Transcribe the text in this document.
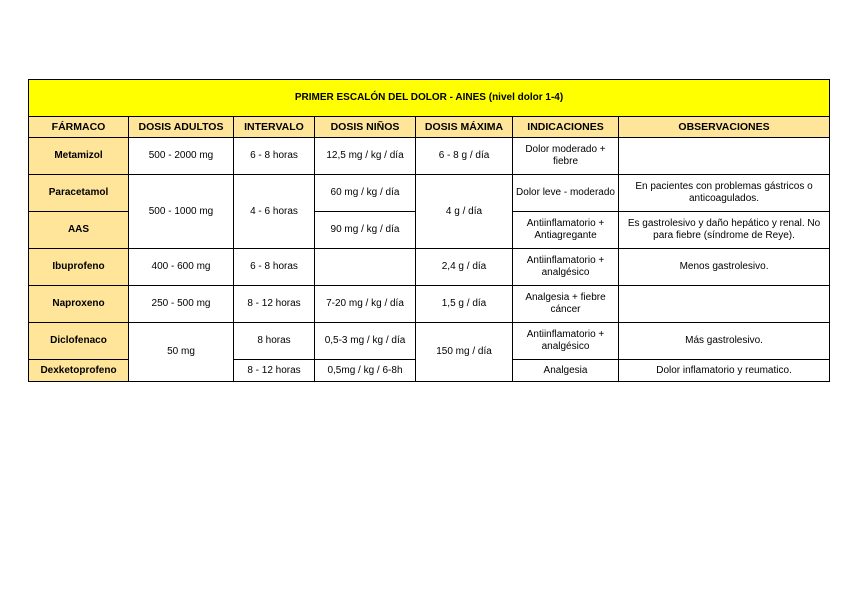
PRIMER ESCALÓN DEL DOLOR - AINES (nivel dolor 1-4)						
FÁRMACO	DOSIS ADULTOS	INTERVALO	DOSIS NIÑOS	DOSIS MÁXIMA	INDICACIONES	OBSERVACIONES
Metamizol	500 - 2000 mg	6 - 8 horas	12,5 mg / kg / día	6 - 8 g / día	Dolor moderado + fiebre	
Paracetamol	500 - 1000 mg	4 - 6 horas	60 mg / kg / día	4 g / día	Dolor leve - moderado	En pacientes con problemas gástricos o anticoagulados.
AAS			90 mg / kg / día		Antiinflamatorio + Antiagregante	Es gastrolesivo y daño hepático y renal. No para fiebre (síndrome de Reye).
Ibuprofeno	400 - 600 mg	6 - 8 horas		2,4 g / día	Antiinflamatorio + analgésico	Menos gastrolesivo.
Naproxeno	250 - 500 mg	8 - 12 horas	7-20 mg / kg / día	1,5 g / día	Analgesia + fiebre cáncer	
Diclofenaco	50 mg	8 horas	0,5-3 mg / kg / día	150 mg / día	Antiinflamatorio + analgésico	Más gastrolesivo.
Dexketoprofeno		8 - 12 horas	0,5mg / kg / 6-8h		Analgesia	Dolor inflamatorio y reumatico.
